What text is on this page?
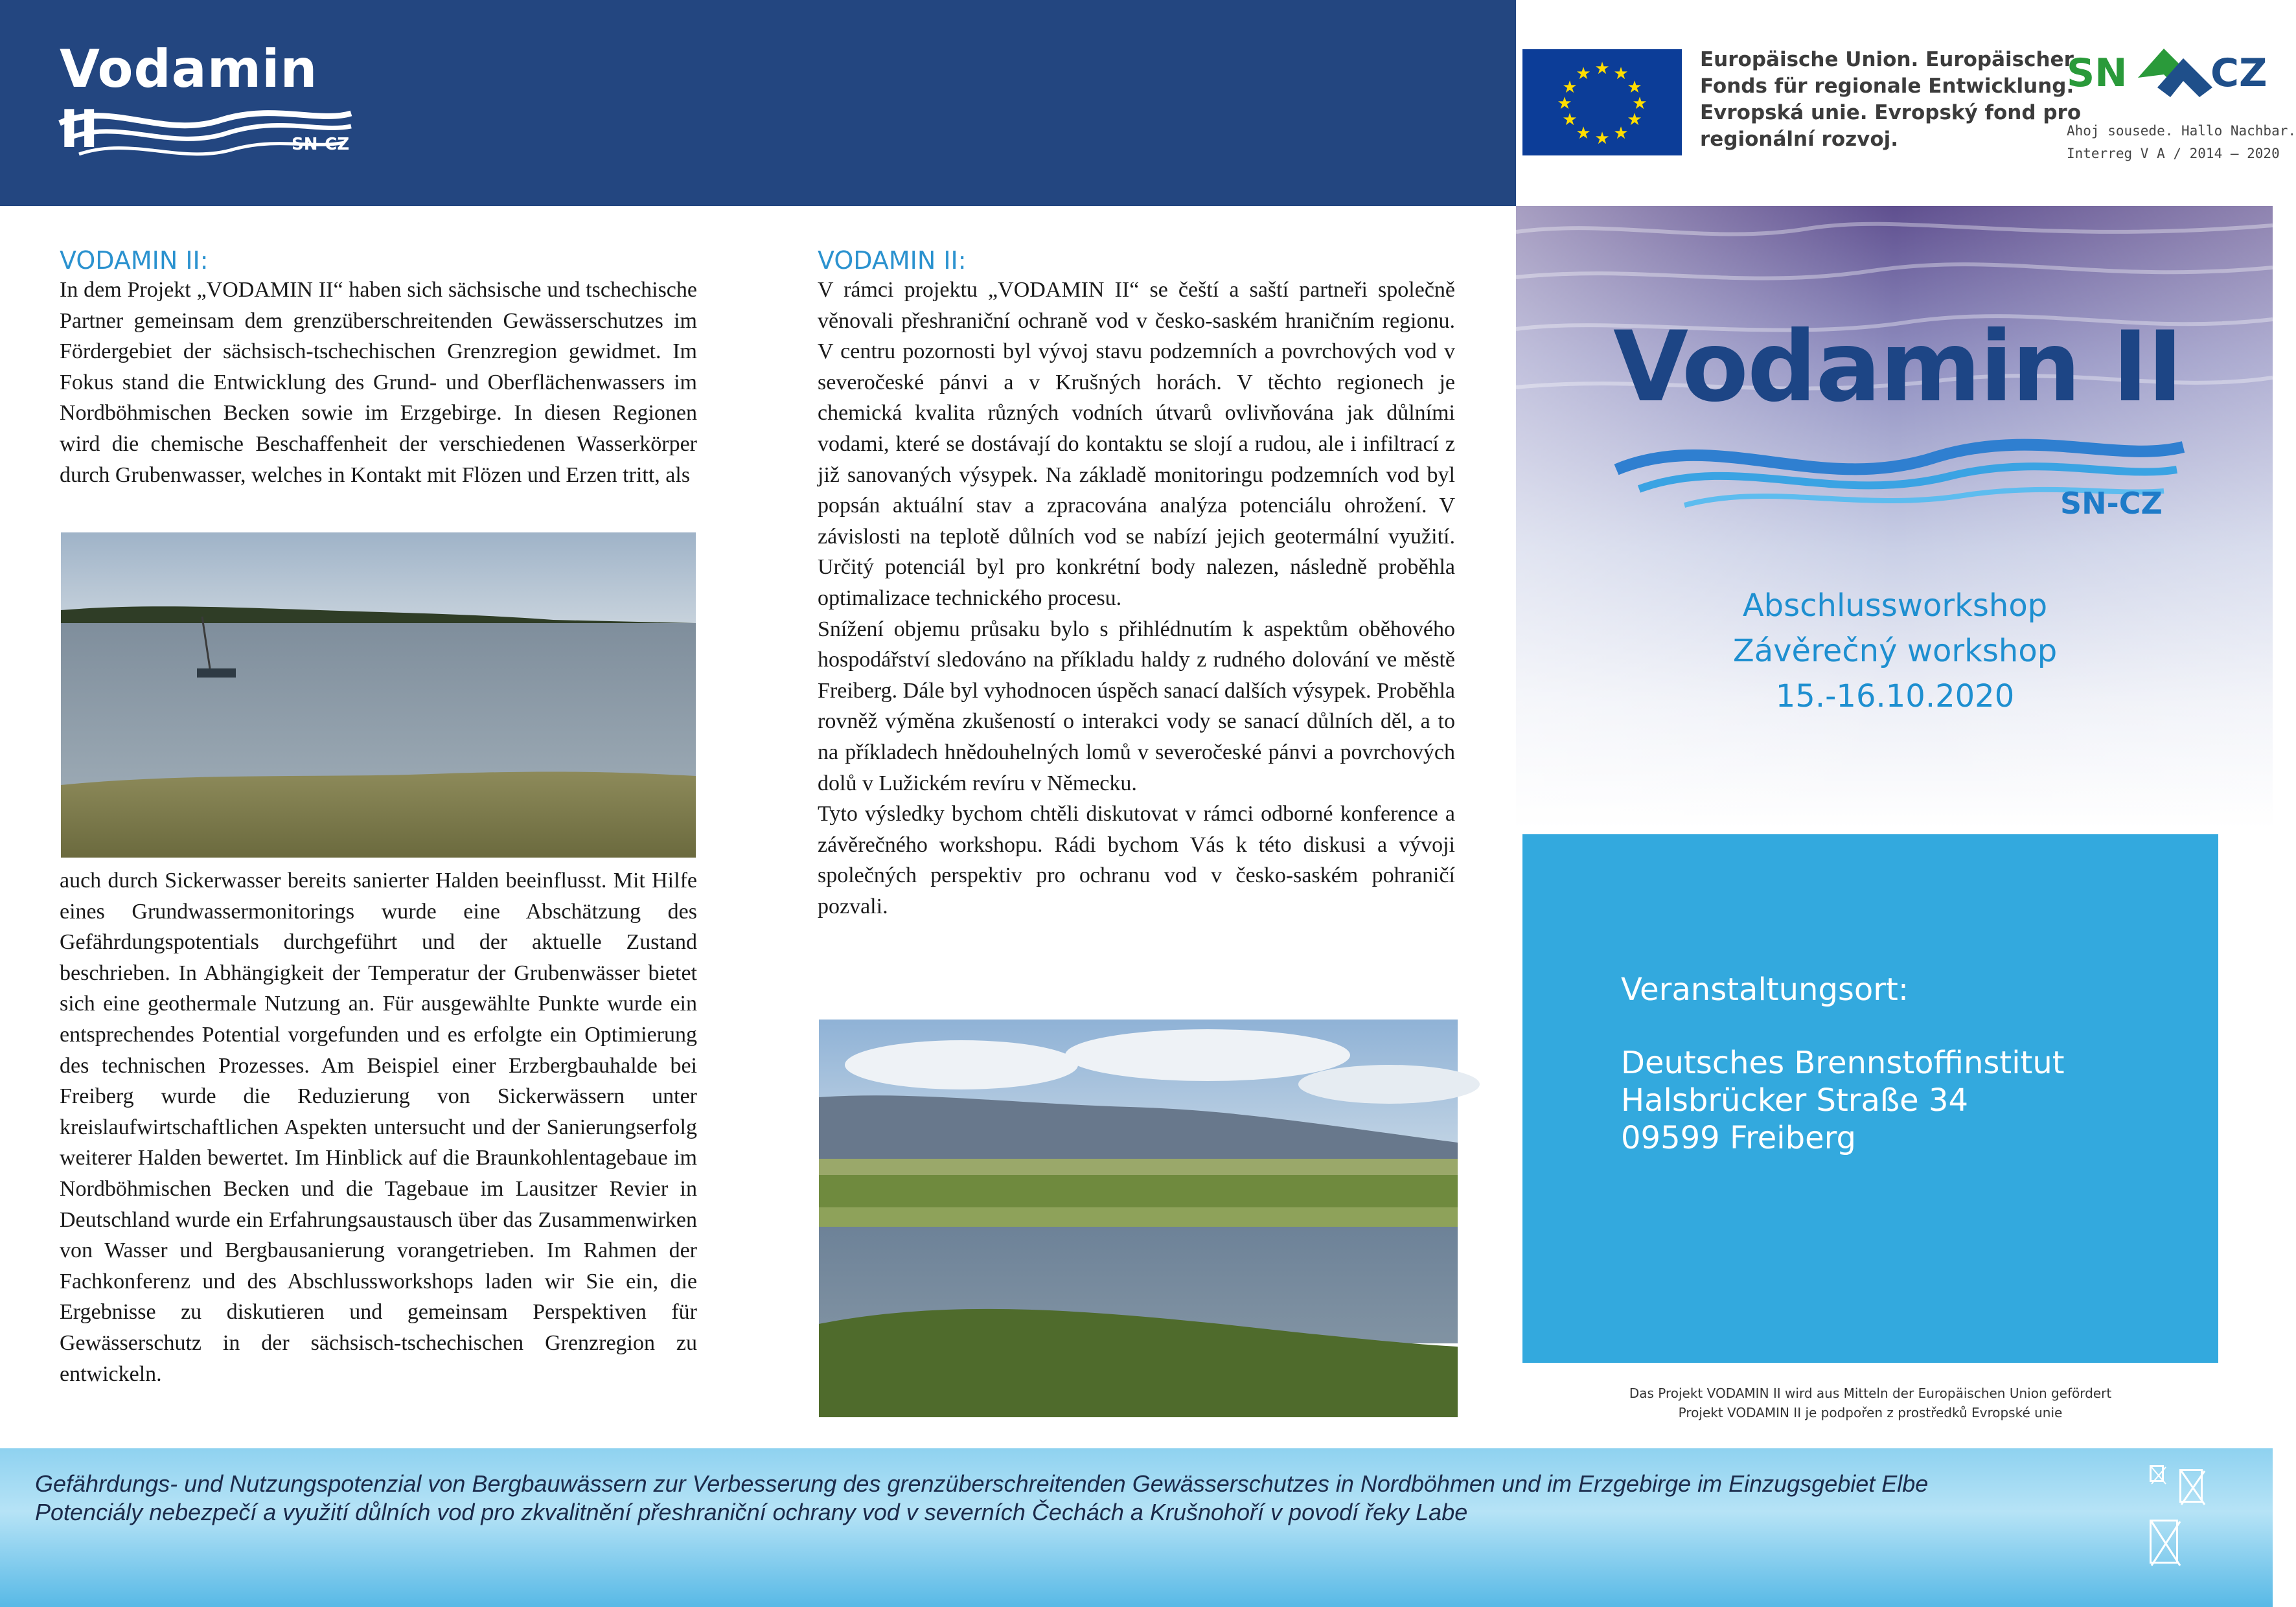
Vodamin II	SN-CZ
★ ★
★
★
★
★
★
★
★
★
★
★
Europäische Union. Europäischer
Fonds für regionale Entwicklung.
Evropská unie. Evropský fond pro
regionální rozvoj.
SN CZ
Ahoj sousede. Hallo Nachbar.
Interreg V A / 2014 – 2020
Vodamin II
SN-CZ
Abschlussworkshop
Závěrečný workshop
15.-16.10.2020
Veranstaltungsort:
Deutsches Brennstoffinstitut
Halsbrücker Straße 34
09599 Freiberg
Das Projekt VODAMIN II wird aus Mitteln der Europäischen Union gefördert
Projekt VODAMIN II je podpořen z prostředků Evropské unie
VODAMIN II:
In dem Projekt „VODAMIN II“ haben sich sächsische und tschechische Partner gemeinsam dem grenzüberschreitenden Gewässerschutzes im Fördergebiet der sächsisch-tschechischen Grenzregion gewidmet. Im Fokus stand die Entwicklung des Grund- und Oberflächenwassers im Nordböhmischen Becken sowie im Erzgebirge. In diesen Regionen wird die chemische Beschaffenheit der verschiedenen Wasserkörper durch Grubenwasser, welches in Kontakt mit Flözen und Erzen tritt, als
auch durch Sickerwasser bereits sanierter Halden beeinflusst. Mit Hilfe eines Grundwassermonitorings wurde eine Abschätzung des Gefährdungspotentials durchgeführt und der aktuelle Zustand beschrieben. In Abhängigkeit der Temperatur der Grubenwässer bietet sich eine geothermale Nutzung an. Für ausgewählte Punkte wurde ein entsprechendes Potential vorgefunden und es erfolgte ein Optimierung des technischen Prozesses. Am Beispiel einer Erzbergbauhalde bei Freiberg wurde die Reduzierung von Sickerwässern unter kreislaufwirtschaftlichen Aspekten untersucht und der Sanierungserfolg weiterer Halden bewertet. Im Hinblick auf die Braunkohlentagebaue im Nordböhmischen Becken und die Tagebaue im Lausitzer Revier in Deutschland wurde ein Erfahrungsaustausch über das Zusammenwirken von Wasser und Bergbausanierung vorangetrieben. Im Rahmen der Fachkonferenz und des Abschlussworkshops laden wir Sie ein, die Ergebnisse zu diskutieren und gemeinsam Perspektiven für Gewässerschutz in der sächsisch-tschechischen Grenzregion zu entwickeln.
VODAMIN II:
V rámci projektu „VODAMIN II“ se čeští a saští partneři společně věnovali přeshraniční ochraně vod v česko-saském hraničním regionu. V centru pozornosti byl vývoj stavu podzemních a povrchových vod v severočeské pánvi a v Krušných horách. V těchto regionech je chemická kvalita různých vodních útvarů ovlivňována jak důlními vodami, které se dostávají do kontaktu se slojí a rudou, ale i infiltrací z již sanovaných výsypek. Na základě monitoringu podzemních vod byl popsán aktuální stav a zpracována analýza potenciálu ohrožení. V závislosti na teplotě důlních vod se nabízí jejich geotermální využití. Určitý potenciál byl pro konkrétní body nalezen, následně proběhla optimalizace technického procesu.
Snížení objemu průsaku bylo s přihlédnutím k aspektům oběhového hospodářství sledováno na příkladu haldy z rudného dolování ve městě Freiberg. Dále byl vyhodnocen úspěch sanací dalších výsypek. Proběhla rovněž výměna zkušeností o interakci vody se sanací důlních děl, a to na příkladech hnědouhelných lomů v severočeské pánvi a povrchových dolů v Lužickém revíru v Německu.
Tyto výsledky bychom chtěli diskutovat v rámci odborné konference a závěrečného workshopu. Rádi bychom Vás k této diskusi a vývoji společných perspektiv pro ochranu vod v česko-saském pohraničí pozvali.
Gefährdungs- und Nutzungspotenzial von Bergbauwässern zur Verbesserung des grenzüberschreitenden Gewässerschutzes in Nordböhmen und im Erzgebirge im Einzugsgebiet Elbe
Potenciály nebezpečí a využití důlních vod pro zkvalitnění přeshraniční ochrany vod v severních Čechách a Krušnohoří v povodí řeky Labe
